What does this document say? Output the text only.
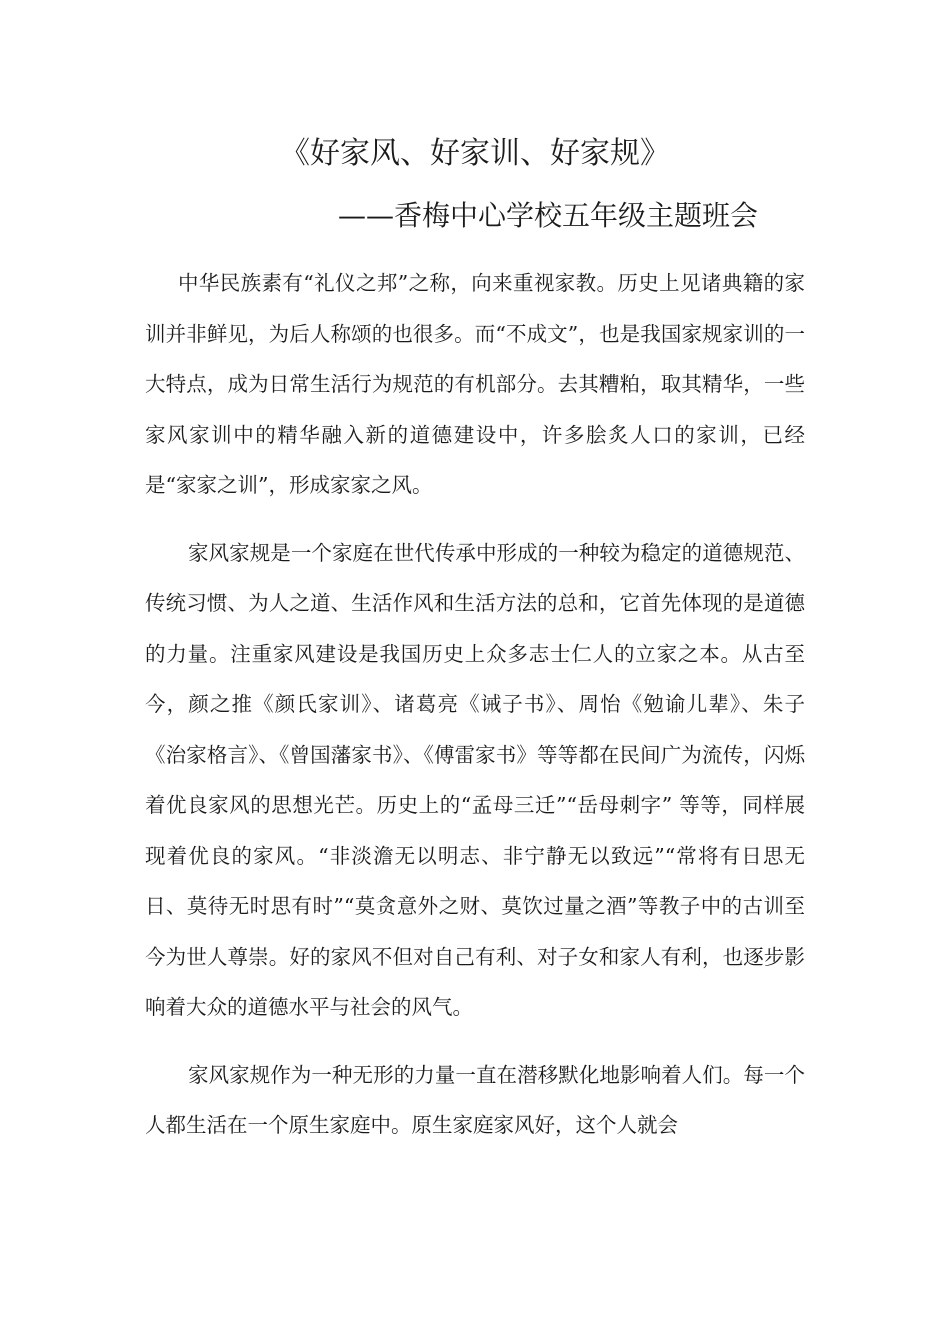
《好家风、好家训、好家规》
——香梅中心学校五年级主题班会

中华民族素有“礼仪之邦”之称，向来重视家教。历史上见诸典籍的家训并非鲜见，为后人称颂的也很多。而“不成文”，也是我国家规家训的一大特点，成为日常生活行为规范的有机部分。去其糟粕，取其精华，一些家风家训中的精华融入新的道德建设中，许多脍炙人口的家训，已经是“家家之训”，形成家家之风。

家风家规是一个家庭在世代传承中形成的一种较为稳定的道德规范、传统习惯、为人之道、生活作风和生活方法的总和，它首先体现的是道德的力量。注重家风建设是我国历史上众多志士仁人的立家之本。从古至今，颜之推《颜氏家训》、诸葛亮《诫子书》、周怡《勉谕儿辈》、朱子《治家格言》、《曾国藩家书》、《傅雷家书》等等都在民间广为流传，闪烁着优良家风的思想光芒。历史上的“孟母三迁”“岳母刺字” 等等，同样展现着优良的家风。“非淡澹无以明志、非宁静无以致远”“常将有日思无日、莫待无时思有时”“莫贪意外之财、莫饮过量之酒”等教子中的古训至今为世人尊崇。好的家风不但对自己有利、对子女和家人有利，也逐步影响着大众的道德水平与社会的风气。

家风家规作为一种无形的力量一直在潜移默化地影响着人们。每一个人都生活在一个原生家庭中。原生家庭家风好，这个人就会
